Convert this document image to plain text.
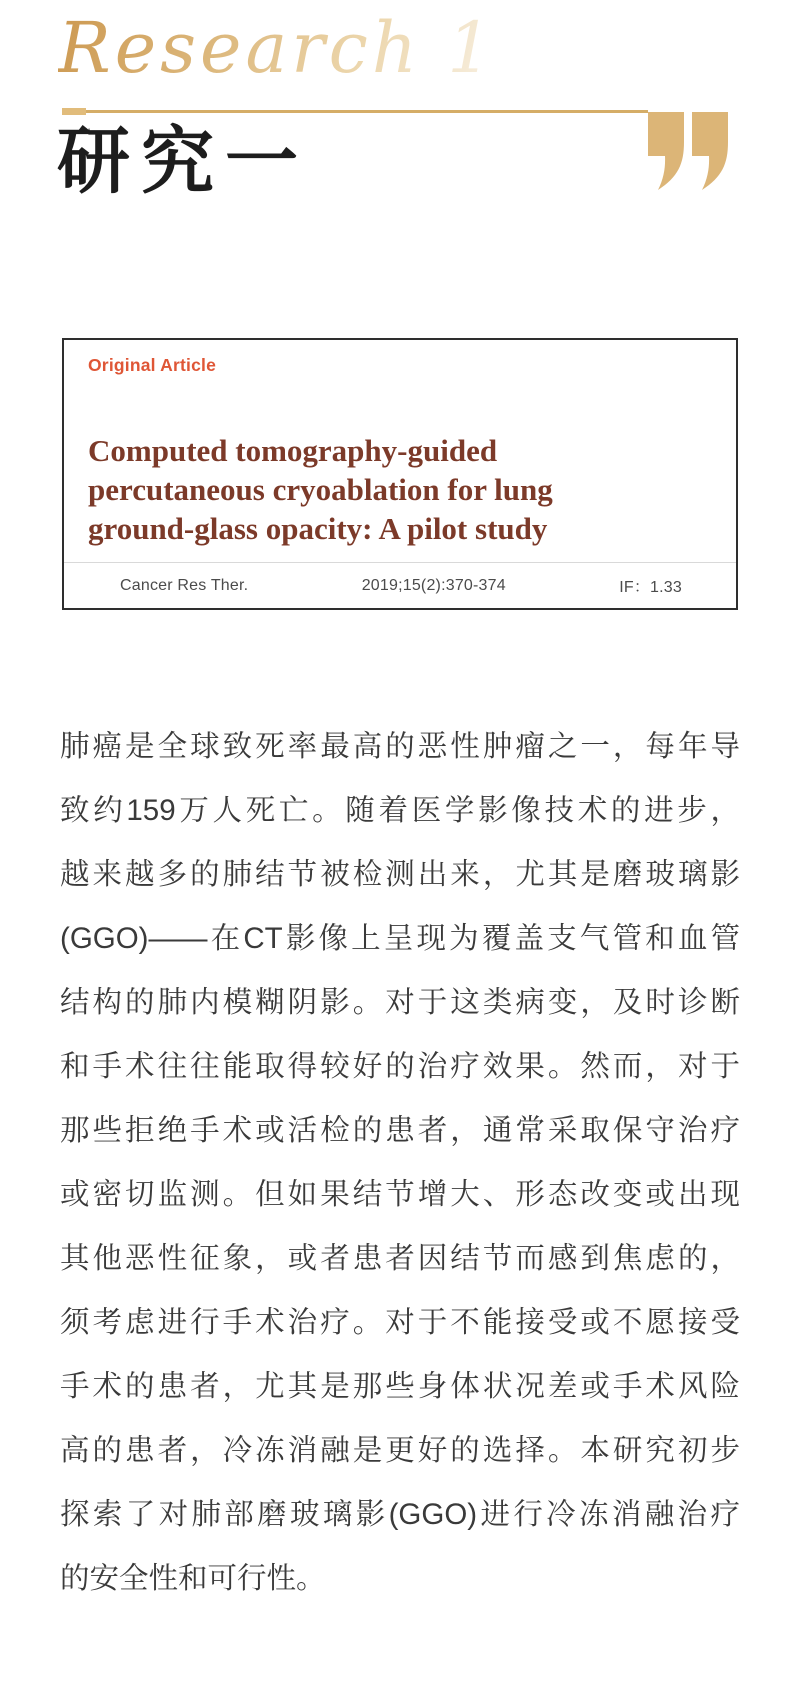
Research 1
研究一
Original Article
Computed tomography-guided
percutaneous cryoablation for lung
ground-glass opacity: A pilot study
Cancer Res Ther.	2019;15(2):370-374	IF：1.33
肺癌是全球致死率最高的恶性肿瘤之一，每年导
致约159万人死亡。随着医学影像技术的进步，
越来越多的肺结节被检测出来，尤其是磨玻璃影
(GGO)——在CT影像上呈现为覆盖支气管和血管
结构的肺内模糊阴影。对于这类病变，及时诊断
和手术往往能取得较好的治疗效果。然而，对于
那些拒绝手术或活检的患者，通常采取保守治疗
或密切监测。但如果结节增大、形态改变或出现
其他恶性征象，或者患者因结节而感到焦虑的，
须考虑进行手术治疗。对于不能接受或不愿接受
手术的患者，尤其是那些身体状况差或手术风险
高的患者，冷冻消融是更好的选择。本研究初步
探索了对肺部磨玻璃影(GGO)进行冷冻消融治疗
的安全性和可行性。
